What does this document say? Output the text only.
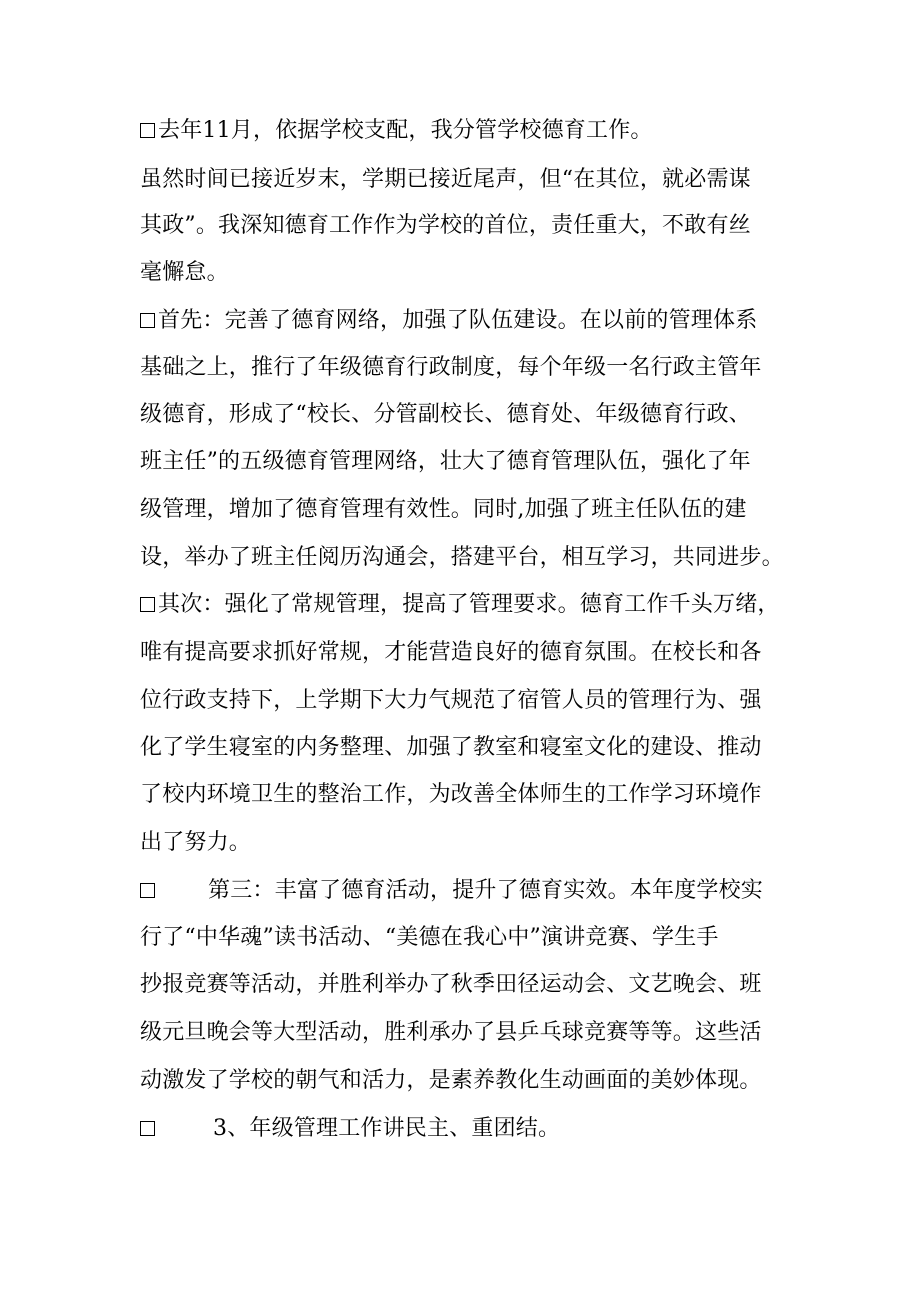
去年11月，依据学校支配，我分管学校德育工作。
虽然时间已接近岁末，学期已接近尾声，但“在其位，就必需谋
其政”。我深知德育工作作为学校的首位，责任重大，不敢有丝
毫懈怠。
首先：完善了德育网络，加强了队伍建设。在以前的管理体系
基础之上，推行了年级德育行政制度，每个年级一名行政主管年
级德育，形成了“校长、分管副校长、德育处、年级德育行政、
班主任”的五级德育管理网络，壮大了德育管理队伍，强化了年
级管理，增加了德育管理有效性。同时,加强了班主任队伍的建
设，举办了班主任阅历沟通会，搭建平台，相互学习，共同进步。
其次：强化了常规管理，提高了管理要求。德育工作千头万绪，
唯有提高要求抓好常规，才能营造良好的德育氛围。在校长和各
位行政支持下，上学期下大力气规范了宿管人员的管理行为、强
化了学生寝室的内务整理、加强了教室和寝室文化的建设、推动
了校内环境卫生的整治工作，为改善全体师生的工作学习环境作
出了努力。
第三：丰富了德育活动，提升了德育实效。本年度学校实
行了“中华魂”读书活动、“美德在我心中”演讲竞赛、学生手
抄报竞赛等活动，并胜利举办了秋季田径运动会、文艺晚会、班
级元旦晚会等大型活动，胜利承办了县乒乓球竞赛等等。这些活
动激发了学校的朝气和活力，是素养教化生动画面的美妙体现。
3、年级管理工作讲民主、重团结。
